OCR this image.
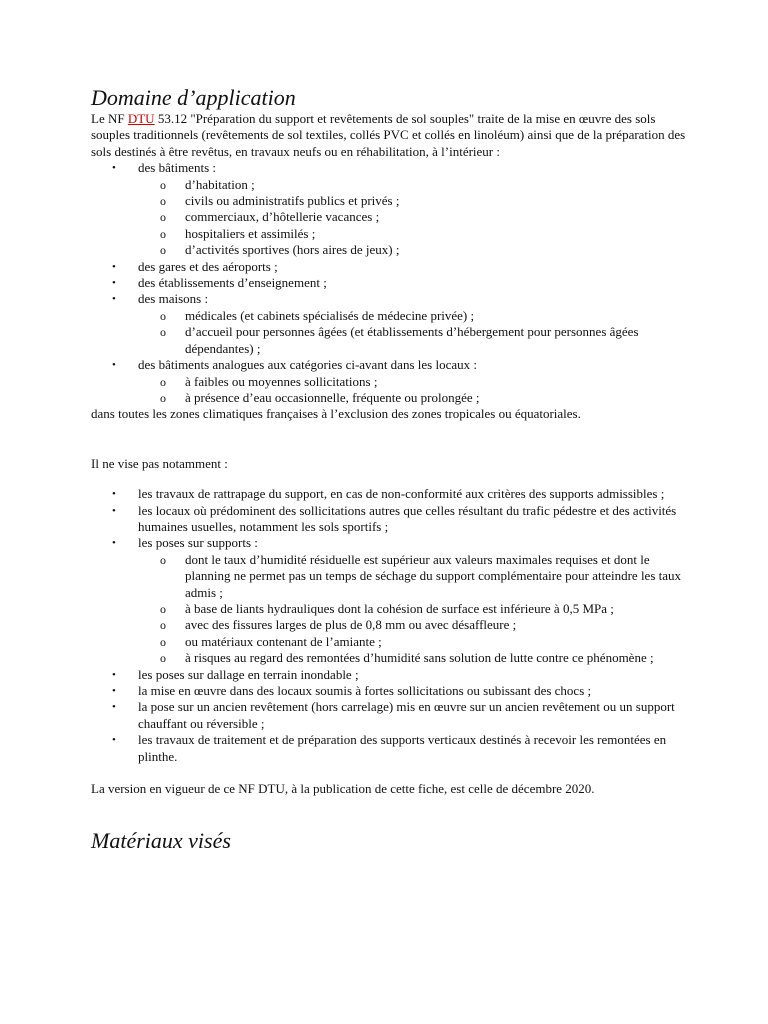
Domaine d’application

Le NF DTU 53.12 "Préparation du support et revêtements de sol souples" traite de la mise en œuvre des sols souples traditionnels (revêtements de sol textiles, collés PVC et collés en linoléum) ainsi que de la préparation des sols destinés à être revêtus, en travaux neufs ou en réhabilitation, à l’intérieur :

• des bâtiments :
o d’habitation ;
o civils ou administratifs publics et privés ;
o commerciaux, d’hôtellerie vacances ;
o hospitaliers et assimilés ;
o d’activités sportives (hors aires de jeux) ;
• des gares et des aéroports ;
• des établissements d’enseignement ;
• des maisons :
o médicales (et cabinets spécialisés de médecine privée) ;
o d’accueil pour personnes âgées (et établissements d’hébergement pour personnes âgées dépendantes) ;
• des bâtiments analogues aux catégories ci-avant dans les locaux :
o à faibles ou moyennes sollicitations ;
o à présence d’eau occasionnelle, fréquente ou prolongée ;

dans toutes les zones climatiques françaises à l’exclusion des zones tropicales ou équatoriales.

Il ne vise pas notamment :

• les travaux de rattrapage du support, en cas de non-conformité aux critères des supports admissibles ;
• les locaux où prédominent des sollicitations autres que celles résultant du trafic pédestre et des activités humaines usuelles, notamment les sols sportifs ;
• les poses sur supports :
o dont le taux d’humidité résiduelle est supérieur aux valeurs maximales requises et dont le planning ne permet pas un temps de séchage du support complémentaire pour atteindre les taux admis ;
o à base de liants hydrauliques dont la cohésion de surface est inférieure à 0,5 MPa ;
o avec des fissures larges de plus de 0,8 mm ou avec désaffleure ;
o ou matériaux contenant de l’amiante ;
o à risques au regard des remontées d’humidité sans solution de lutte contre ce phénomène ;
• les poses sur dallage en terrain inondable ;
• la mise en œuvre dans des locaux soumis à fortes sollicitations ou subissant des chocs ;
• la pose sur un ancien revêtement (hors carrelage) mis en œuvre sur un ancien revêtement ou un support chauffant ou réversible ;
• les travaux de traitement et de préparation des supports verticaux destinés à recevoir les remontées en plinthe.

La version en vigueur de ce NF DTU, à la publication de cette fiche, est celle de décembre 2020.

Matériaux visés
